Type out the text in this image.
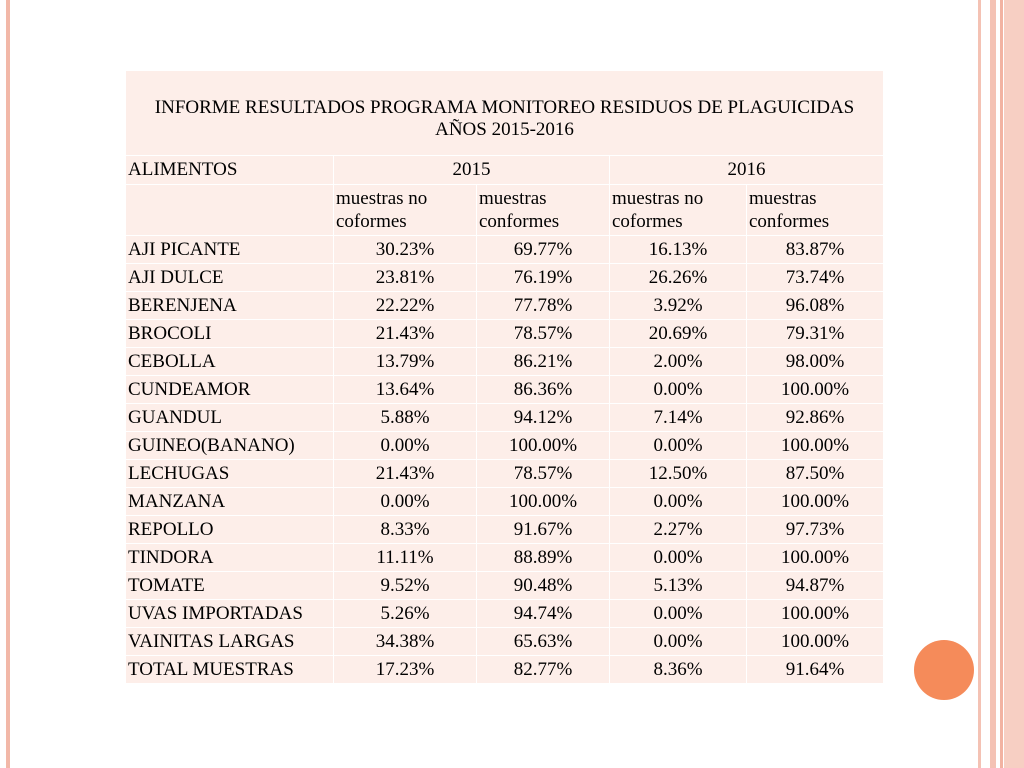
INFORME RESULTADOS PROGRAMA MONITOREO RESIDUOS DE PLAGUICIDAS AÑOS 2015-2016				
ALIMENTOS	2015		2016	
	muestras no coformes	muestras conformes	muestras no coformes	muestras conformes
AJI PICANTE	30.23%	69.77%	16.13%	83.87%
AJI DULCE	23.81%	76.19%	26.26%	73.74%
BERENJENA	22.22%	77.78%	3.92%	96.08%
BROCOLI	21.43%	78.57%	20.69%	79.31%
CEBOLLA	13.79%	86.21%	2.00%	98.00%
CUNDEAMOR	13.64%	86.36%	0.00%	100.00%
GUANDUL	5.88%	94.12%	7.14%	92.86%
GUINEO(BANANO)	0.00%	100.00%	0.00%	100.00%
LECHUGAS	21.43%	78.57%	12.50%	87.50%
MANZANA	0.00%	100.00%	0.00%	100.00%
REPOLLO	8.33%	91.67%	2.27%	97.73%
TINDORA	11.11%	88.89%	0.00%	100.00%
TOMATE	9.52%	90.48%	5.13%	94.87%
UVAS IMPORTADAS	5.26%	94.74%	0.00%	100.00%
VAINITAS LARGAS	34.38%	65.63%	0.00%	100.00%
TOTAL MUESTRAS	17.23%	82.77%	8.36%	91.64%
